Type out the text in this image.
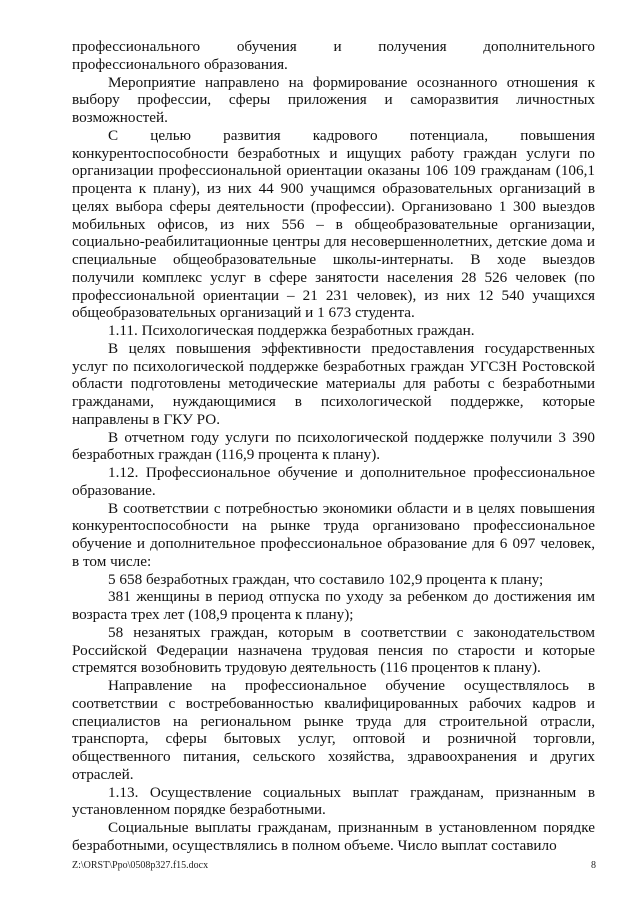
профессионального обучения и получения дополнительного профессионального образования.

Мероприятие направлено на формирование осознанного отношения к выбору профессии, сферы приложения и саморазвития личностных возможностей.

С целью развития кадрового потенциала, повышения конкурентоспособности безработных и ищущих работу граждан услуги по организации профессиональной ориентации оказаны 106 109 гражданам (106,1 процента к плану), из них 44 900 учащимся образовательных организаций в целях выбора сферы деятельности (профессии). Организовано 1 300 выездов мобильных офисов, из них 556 – в общеобразовательные организации, социально-реабилитационные центры для несовершеннолетних, детские дома и специальные общеобразовательные школы-интернаты. В ходе выездов получили комплекс услуг в сфере занятости населения 28 526 человек (по профессиональной ориентации – 21 231 человек), из них 12 540 учащихся общеобразовательных организаций и 1 673 студента.

1.11. Психологическая поддержка безработных граждан.

В целях повышения эффективности предоставления государственных услуг по психологической поддержке безработных граждан УГСЗН Ростовской области подготовлены методические материалы для работы с безработными гражданами, нуждающимися в психологической поддержке, которые направлены в ГКУ РО.

В отчетном году услуги по психологической поддержке получили 3 390 безработных граждан (116,9 процента к плану).

1.12. Профессиональное обучение и дополнительное профессиональное образование.

В соответствии с потребностью экономики области и в целях повышения конкурентоспособности на рынке труда организовано профессиональное обучение и дополнительное профессиональное образование для 6 097 человек, в том числе:

5 658 безработных граждан, что составило 102,9 процента к плану;

381 женщины в период отпуска по уходу за ребенком до достижения им возраста трех лет (108,9 процента к плану);

58 незанятых граждан, которым в соответствии с законодательством Российской Федерации назначена трудовая пенсия по старости и которые стремятся возобновить трудовую деятельность (116 процентов к плану).

Направление на профессиональное обучение осуществлялось в соответствии с востребованностью квалифицированных рабочих кадров и специалистов на региональном рынке труда для строительной отрасли, транспорта, сферы бытовых услуг, оптовой и розничной торговли, общественного питания, сельского хозяйства, здравоохранения и других отраслей.

1.13. Осуществление социальных выплат гражданам, признанным в установленном порядке безработными.

Социальные выплаты гражданам, признанным в установленном порядке безработными, осуществлялись в полном объеме. Число выплат составило

Z:\ORST\Ppo\0508p327.f15.docx	8
